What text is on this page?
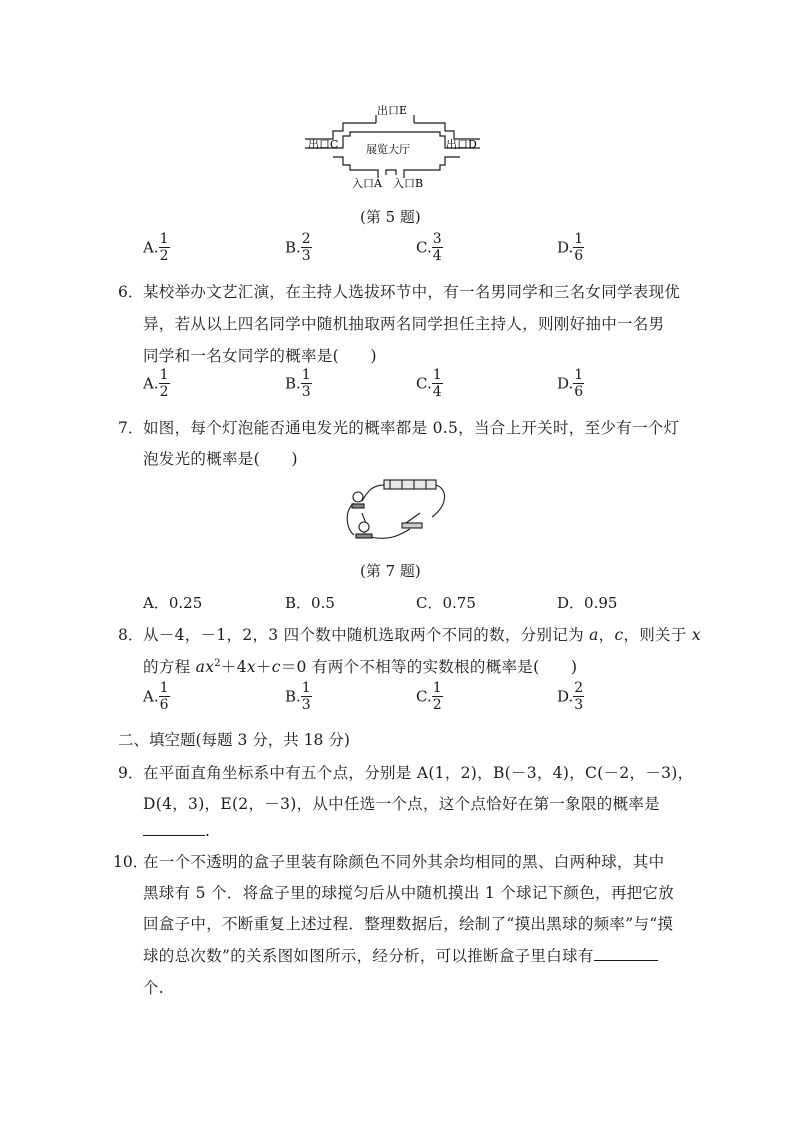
出口E
出口C	出口D
展览大厅
入口A 入口B
(第 5 题)
A. $\frac{1}{2}$	B. $\frac{2}{3}$	C. $\frac{3}{4}$	D. $\frac{1}{6}$
6． 某校举办文艺汇演，在主持人选拔环节中，有一名男同学和三名女同学表现优
异，若从以上四名同学中随机抽取两名同学担任主持人，则刚好抽中一名男
同学和一名女同学的概率是(　　)
A. $\frac{1}{2}$	B. $\frac{1}{3}$	C. $\frac{1}{4}$	D. $\frac{1}{6}$
7． 如图，每个灯泡能否通电发光的概率都是 0.5，当合上开关时，至少有一个灯
泡发光的概率是(　　)
(第 7 题)
A．0.25	B．0.5	C．0.75	D．0.95
8． 从－4，－1，2，3 四个数中随机选取两个不同的数，分别记为 a，c，则关于 x
的方程 $ax^2+4x+c=0$ 有两个不相等的实数根的概率是(　　)
A. $\frac{1}{6}$	B. $\frac{1}{3}$	C. $\frac{1}{2}$	D. $\frac{2}{3}$
二、填空题(每题 3 分，共 18 分)
9． 在平面直角坐标系中有五个点，分别是 A(1，2)，B(－3，4)，C(－2，－3)，
D(4，3)，E(2，－3)，从中任选一个点，这个点恰好在第一象限的概率是
.
10．
在一个不透明的盒子里装有除颜色不同外其余均相同的黑、白两种球，其中
黑球有 5 个．将盒子里的球搅匀后从中随机摸出 1 个球记下颜色，再把它放
回盒子中，不断重复上述过程．整理数据后，绘制了“摸出黑球的频率”与“摸
球的总次数”的关系图如图所示，经分析，可以推断盒子里白球有
个.
